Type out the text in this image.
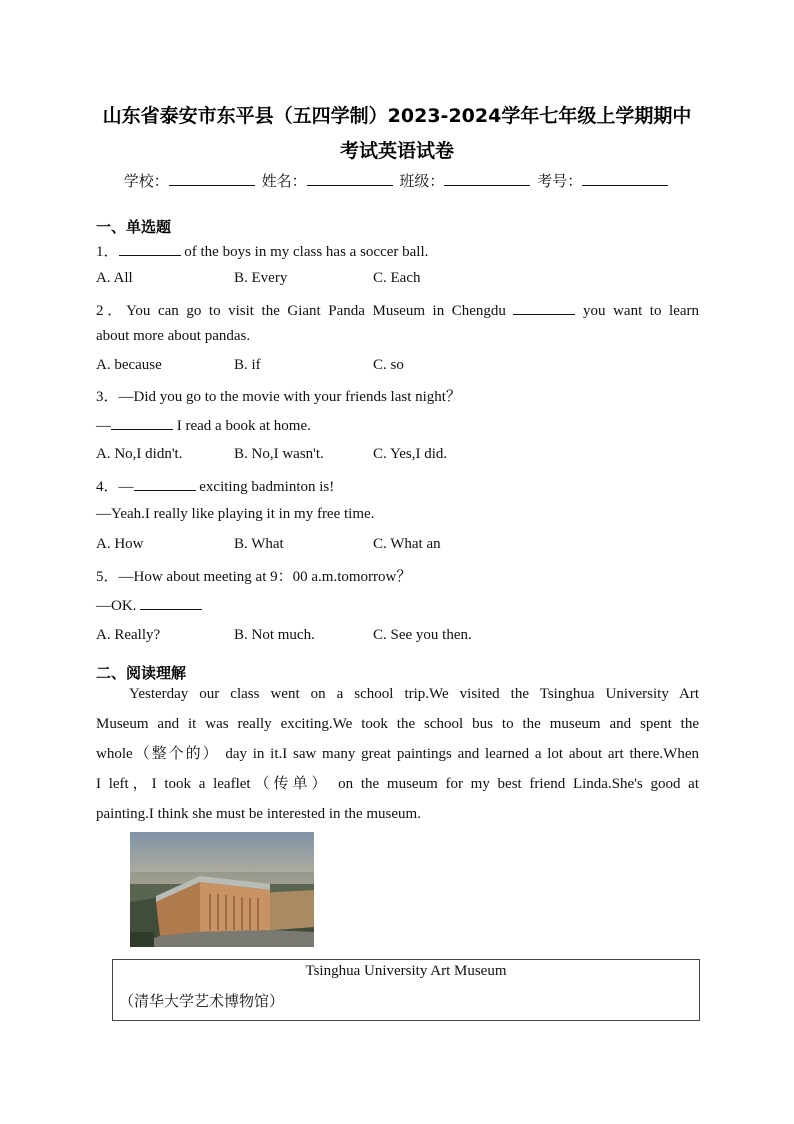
山东省泰安市东平县（五四学制）2023-2024学年七年级上学期期中
考试英语试卷
学校：	姓名：	班级：	考号：
一、单选题
1．	of the boys in my class has a soccer ball.
A. All	B. Every	C. Each
2．You can go to visit the Giant Panda Museum in Chengdu	you want to learn
about more about pandas.
A. because	B. if	C. so
3．—Did you go to the movie with your friends last night？
—	I read a book at home.
A. No,I didn't.	B. No,I wasn't.	C. Yes,I did.
4．—	exciting badminton is!
—Yeah.I really like playing it in my free time.
A. How	B. What	C. What an
5．—How about meeting at 9：00 a.m.tomorrow？
—OK.
A. Really?	B. Not much.	C. See you then.
二、阅读理解
Yesterday our class went on a school trip.We visited the Tsinghua University Art
Museum and it was really exciting.We took the school bus to the museum and spent the
whole（整个的） day in it.I saw many great paintings and learned a lot about art there.When
I left，I took a leaflet（传单） on the museum for my best friend Linda.She's good at
painting.I think she must be interested in the museum.
Tsinghua University Art Museum
（清华大学艺术博物馆）
